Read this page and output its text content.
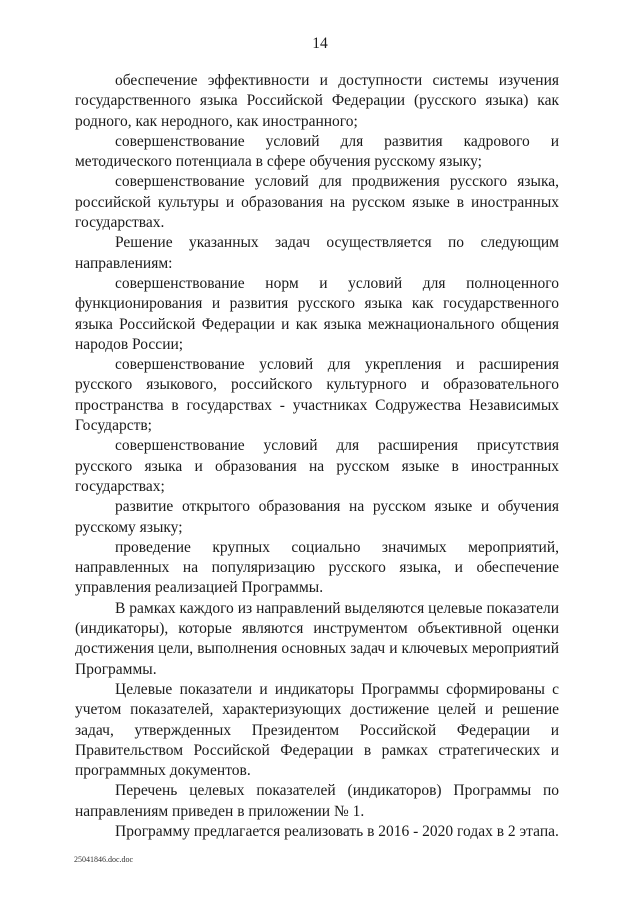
14

обеспечение эффективности и доступности системы изучения государственного языка Российской Федерации (русского языка) как родного, как неродного, как иностранного;

совершенствование условий для развития кадрового и методического потенциала в сфере обучения русскому языку;

совершенствование условий для продвижения русского языка, российской культуры и образования на русском языке в иностранных государствах.

Решение указанных задач осуществляется по следующим направлениям:

совершенствование норм и условий для полноценного функционирования и развития русского языка как государственного языка Российской Федерации и как языка межнационального общения народов России;

совершенствование условий для укрепления и расширения русского языкового, российского культурного и образовательного пространства в государствах - участниках Содружества Независимых Государств;

совершенствование условий для расширения присутствия русского языка и образования на русском языке в иностранных государствах;

развитие открытого образования на русском языке и обучения русскому языку;

проведение крупных социально значимых мероприятий, направленных на популяризацию русского языка, и обеспечение управления реализацией Программы.

В рамках каждого из направлений выделяются целевые показатели (индикаторы), которые являются инструментом объективной оценки достижения цели, выполнения основных задач и ключевых мероприятий Программы.

Целевые показатели и индикаторы Программы сформированы с учетом показателей, характеризующих достижение целей и решение задач, утвержденных Президентом Российской Федерации и Правительством Российской Федерации в рамках стратегических и программных документов.

Перечень целевых показателей (индикаторов) Программы по направлениям приведен в приложении № 1.

Программу предлагается реализовать в 2016 - 2020 годах в 2 этапа.

25041846.doc.doc
